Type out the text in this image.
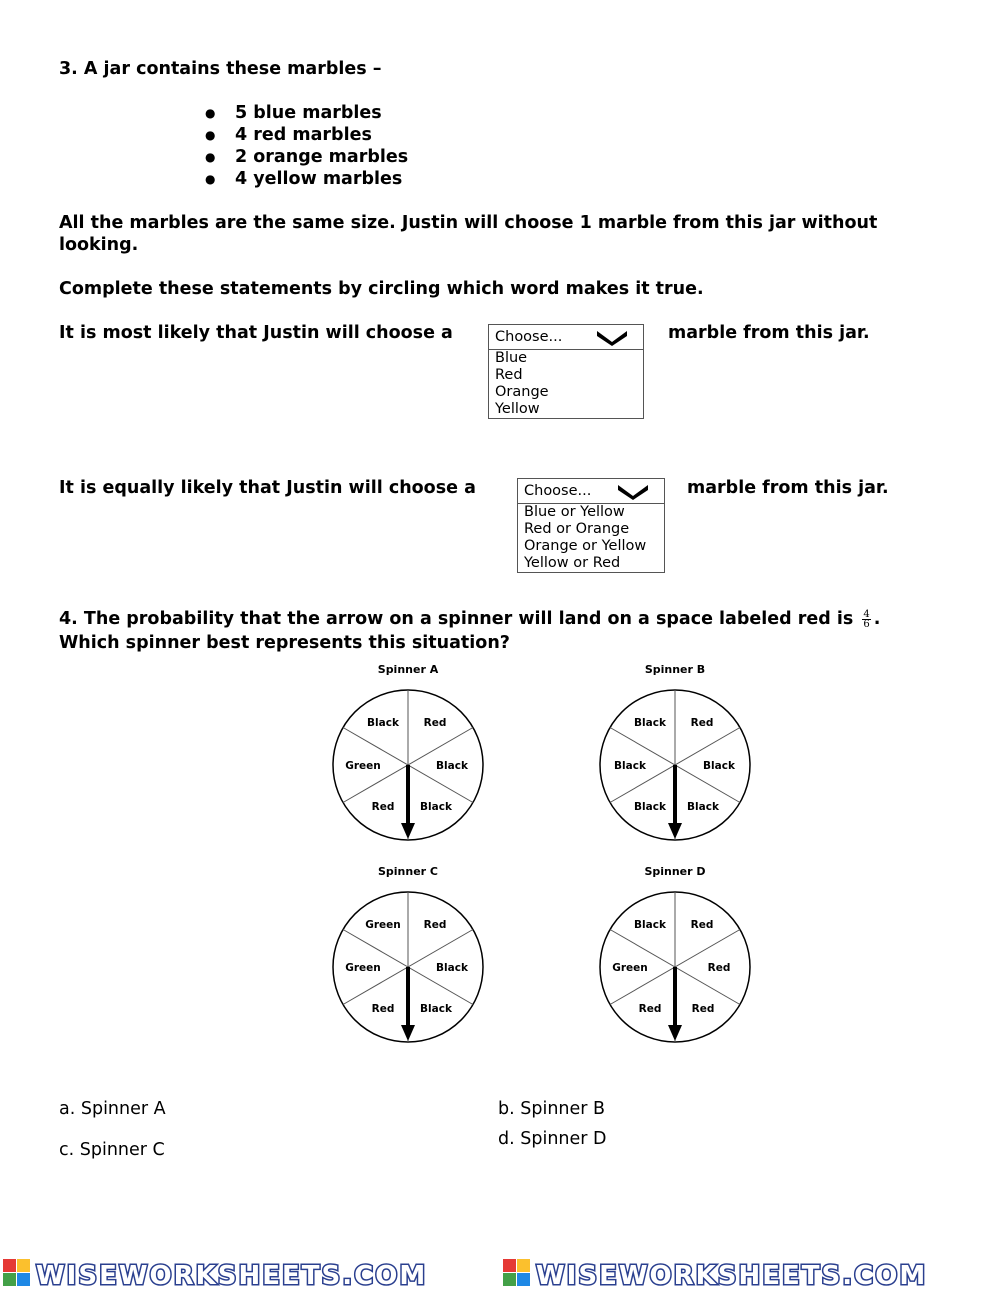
3. A jar contains these marbles –
● 5 blue marbles
● 4 red marbles
● 2 orange marbles
● 4 yellow marbles
All the marbles are the same size. Justin will choose 1 marble from this jar without looking.
Complete these statements by circling which word makes it true.
It is most likely that Justin will choose a	Choose...
Blue
Red
Orange
Yellow
marble from this jar.
It is equally likely that Justin will choose a	Choose...
Blue or Yellow
Red or Orange
Orange or Yellow
Yellow or Red
marble from this jar.
4. The probability that the arrow on a spinner will land on a space labeled red is $\frac{4}{6}$ .
Which spinner best represents this situation?
Spinner A
Black Red
Black
Black
Red
Green
Spinner B
Black Red
Black
Black
Black
Black
Spinner C
Green Red
Black
Black
Red
Green
Spinner D
Black Red
Red
Red
Red
Green
a. Spinner A	b. Spinner B
c. Spinner C
d. Spinner D
WISEWORKSHEETS.COM	WISEWORKSHEETS.COM
